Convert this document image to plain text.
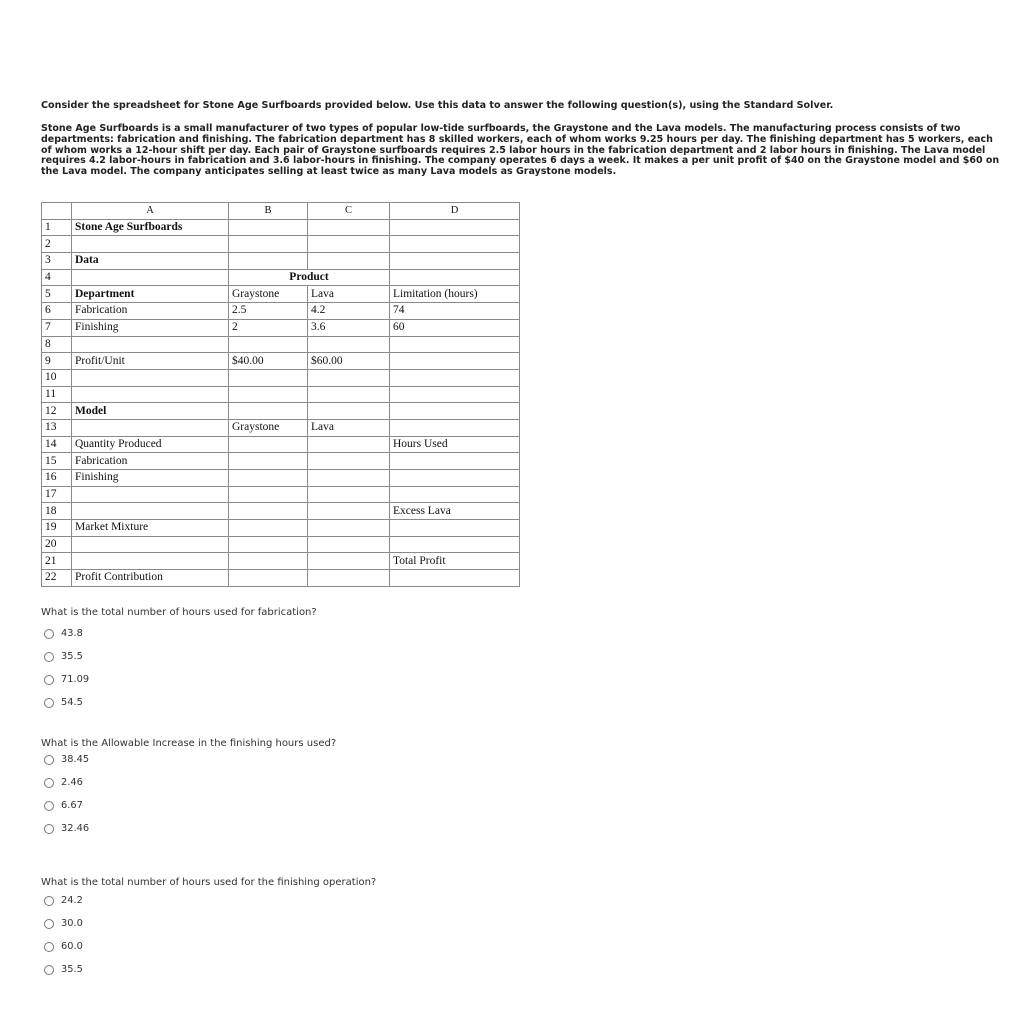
Consider the spreadsheet for Stone Age Surfboards provided below. Use this data to answer the following question(s), using the Standard Solver.
Stone Age Surfboards is a small manufacturer of two types of popular low-tide surfboards, the Graystone and the Lava models. The manufacturing process consists of two departments: fabrication and finishing. The fabrication department has 8 skilled workers, each of whom works 9.25 hours per day. The finishing department has 5 workers, each of whom works a 12-hour shift per day. Each pair of Graystone surfboards requires 2.5 labor hours in the fabrication department and 2 labor hours in finishing. The Lava model requires 4.2 labor-hours in fabrication and 3.6 labor-hours in finishing. The company operates 6 days a week. It makes a per unit profit of $40 on the Graystone model and $60 on the Lava model. The company anticipates selling at least twice as many Lava models as Graystone models.
	A	B	C	D
1	Stone Age Surfboards			
2				
3	Data			
4		Product		
5	Department	Graystone	Lava	Limitation (hours)
6	Fabrication	2.5	4.2	74
7	Finishing	2	3.6	60
8				
9	Profit/Unit	$40.00	$60.00	
10				
11				
12	Model			
13		Graystone	Lava	
14	Quantity Produced			Hours Used
15	Fabrication			
16	Finishing			
17				
18				Excess Lava
19	Market Mixture			
20				
21				Total Profit
22	Profit Contribution			
What is the total number of hours used for fabrication?
43.8
35.5
71.09
54.5
What is the Allowable Increase in the finishing hours used?
38.45
2.46
6.67
32.46
What is the total number of hours used for the finishing operation?
24.2
30.0
60.0
35.5
